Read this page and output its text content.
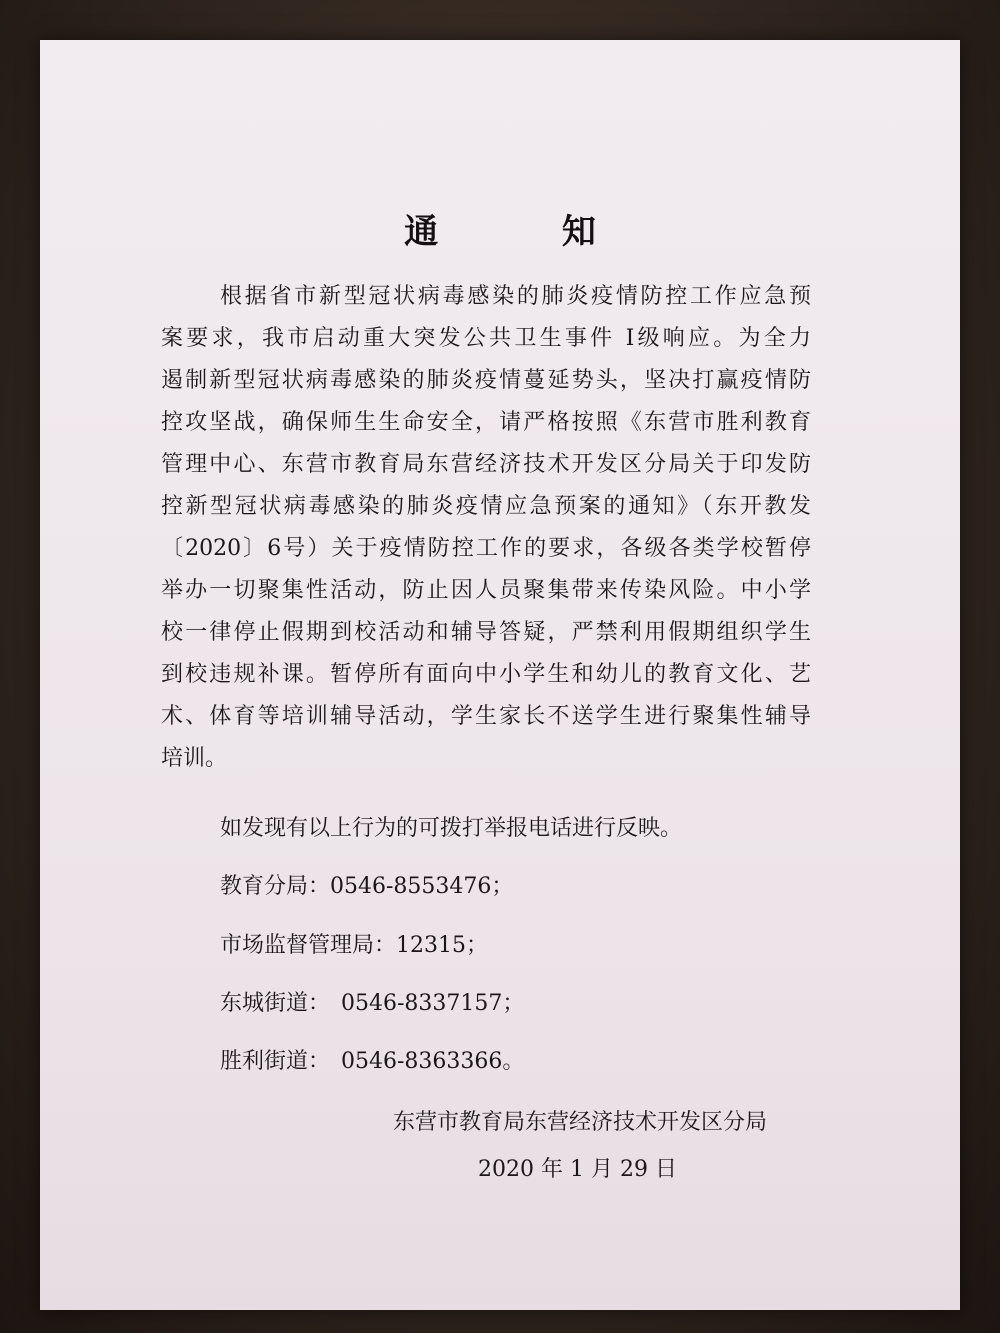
通 知
根据省市新型冠状病毒感染的肺炎疫情防控工作应急预
案要求，我市启动重大突发公共卫生事件 I级响应。为全力
遏制新型冠状病毒感染的肺炎疫情蔓延势头，坚决打赢疫情防
控攻坚战，确保师生生命安全，请严格按照《东营市胜利教育
管理中心、东营市教育局东营经济技术开发区分局关于印发防
控新型冠状病毒感染的肺炎疫情应急预案的通知》（东开教发
〔2020〕6号）关于疫情防控工作的要求，各级各类学校暂停
举办一切聚集性活动，防止因人员聚集带来传染风险。中小学
校一律停止假期到校活动和辅导答疑，严禁利用假期组织学生
到校违规补课。暂停所有面向中小学生和幼儿的教育文化、艺
术、体育等培训辅导活动，学生家长不送学生进行聚集性辅导
培训。
如发现有以上行为的可拨打举报电话进行反映。
教育分局：0546-8553476；
市场监督管理局：12315；
东城街道：　0546-8337157；
胜利街道：　0546-8363366。
东营市教育局东营经济技术开发区分局
2020 年 1 月 29 日
